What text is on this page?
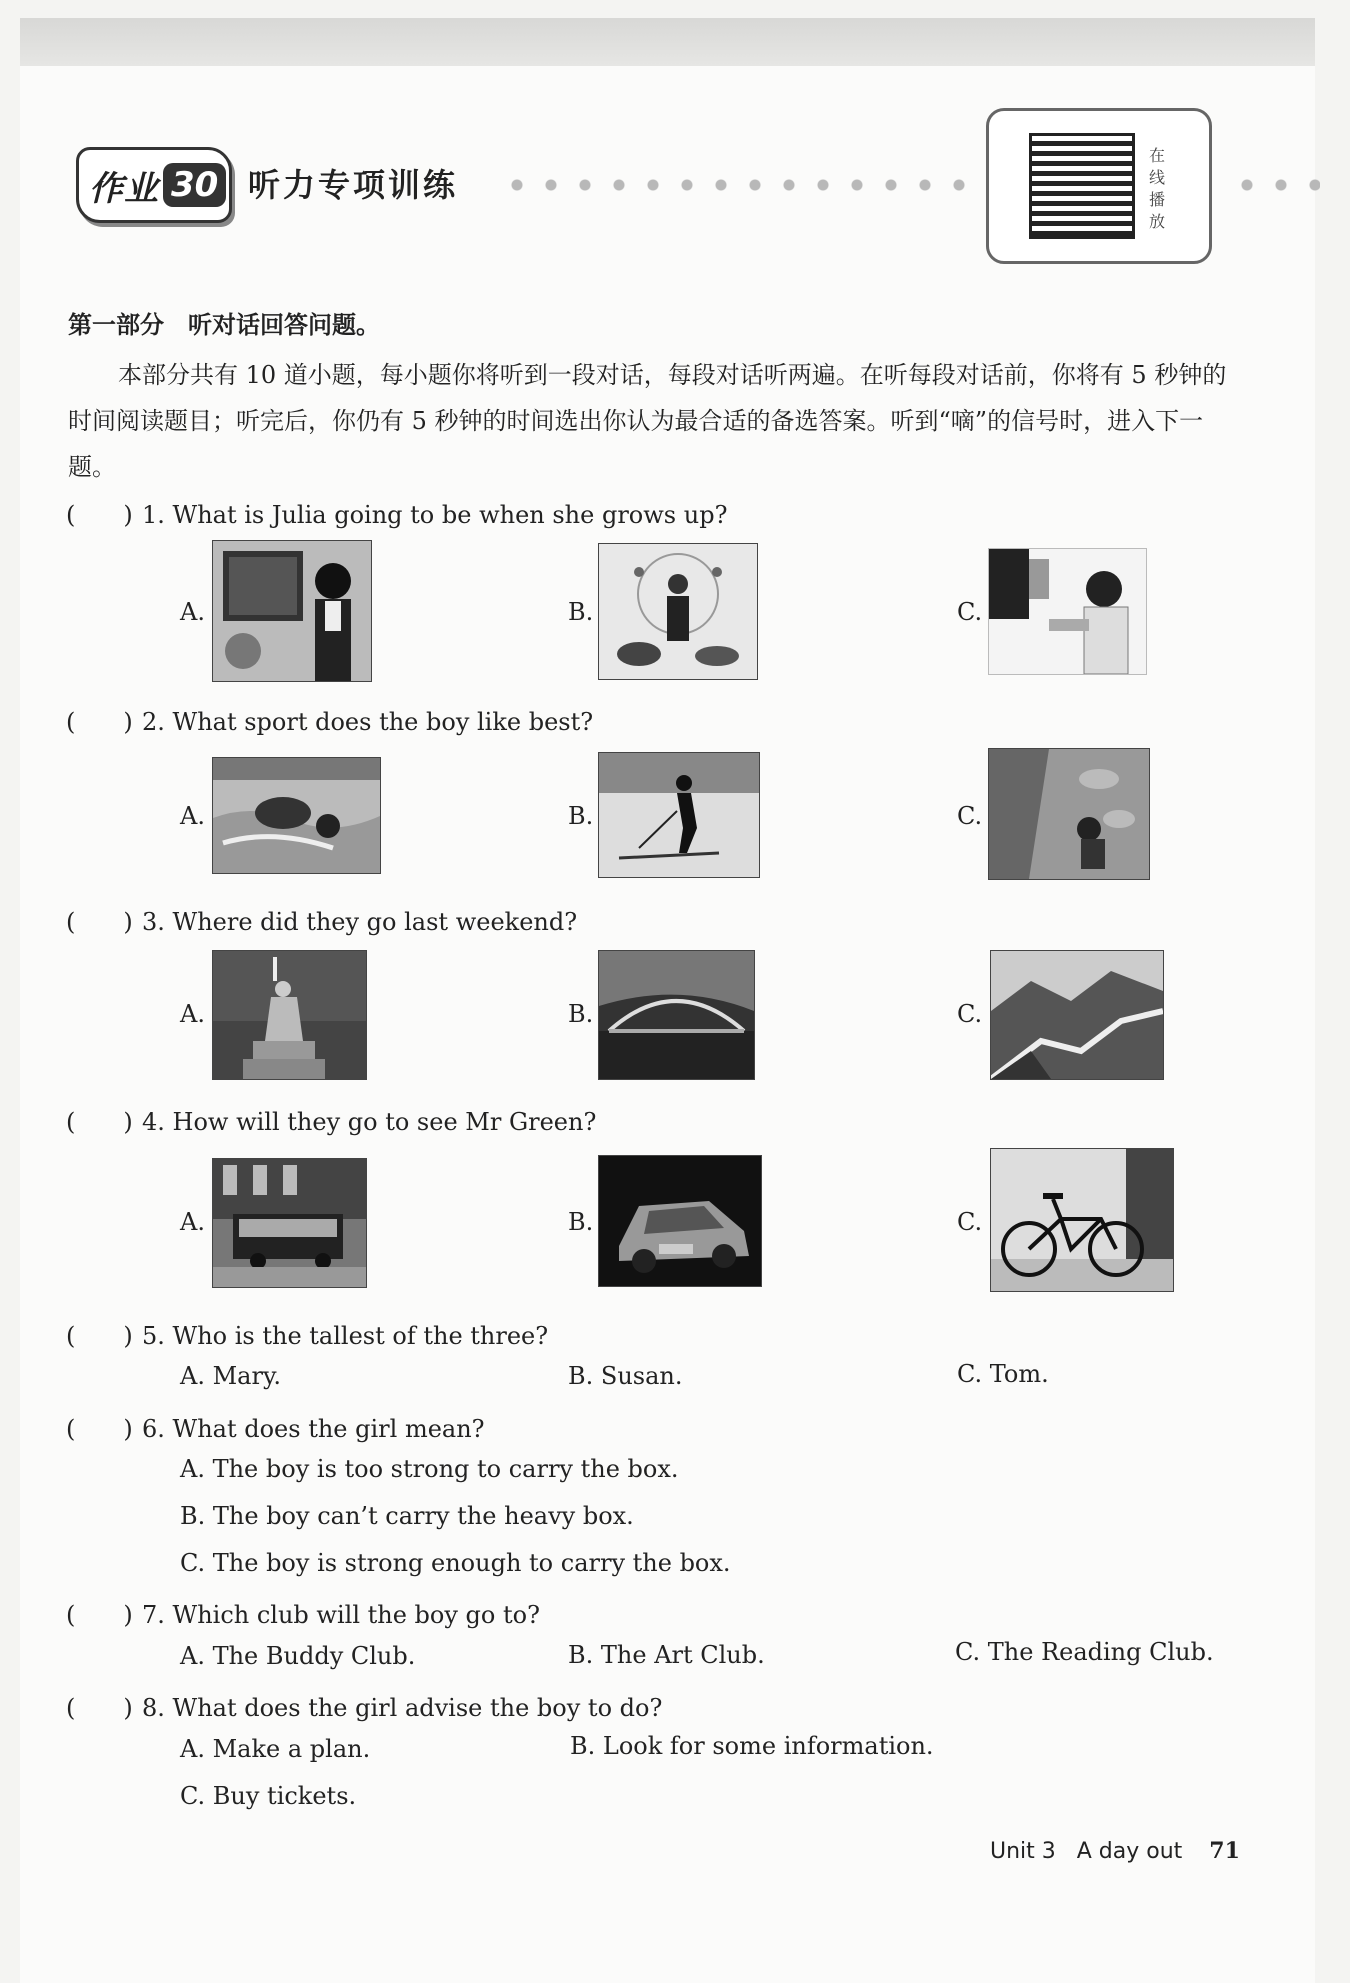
作业 30 听力专项训练
在线播放
第一部分　听对话回答问题。
本部分共有 10 道小题，每小题你将听到一段对话，每段对话听两遍。在听每段对话前，你将有 5 秒钟的时间阅读题目；听完后，你仍有 5 秒钟的时间选出你认为最合适的备选答案。听到“嘀”的信号时，进入下一题。
(　　) 1. What is Julia going to be when she grows up?
A.	B.	C.
(　　) 2. What sport does the boy like best?
A.	B.	C.
(　　) 3. Where did they go last weekend?
A.	B.	C.
(　　) 4. How will they go to see Mr Green?
A.	B.	C.
(　　) 5. Who is the tallest of the three?
A. Mary.	B. Susan.	C. Tom.
(　　) 6. What does the girl mean?
A. The boy is too strong to carry the box.
B. The boy can’t carry the heavy box.
C. The boy is strong enough to carry the box.
(　　) 7. Which club will the boy go to?
A. The Buddy Club.	B. The Art Club.	C. The Reading Club.
(　　) 8. What does the girl advise the boy to do?
A. Make a plan.	B. Look for some information.
C. Buy tickets.
Unit 3 A day out 71
